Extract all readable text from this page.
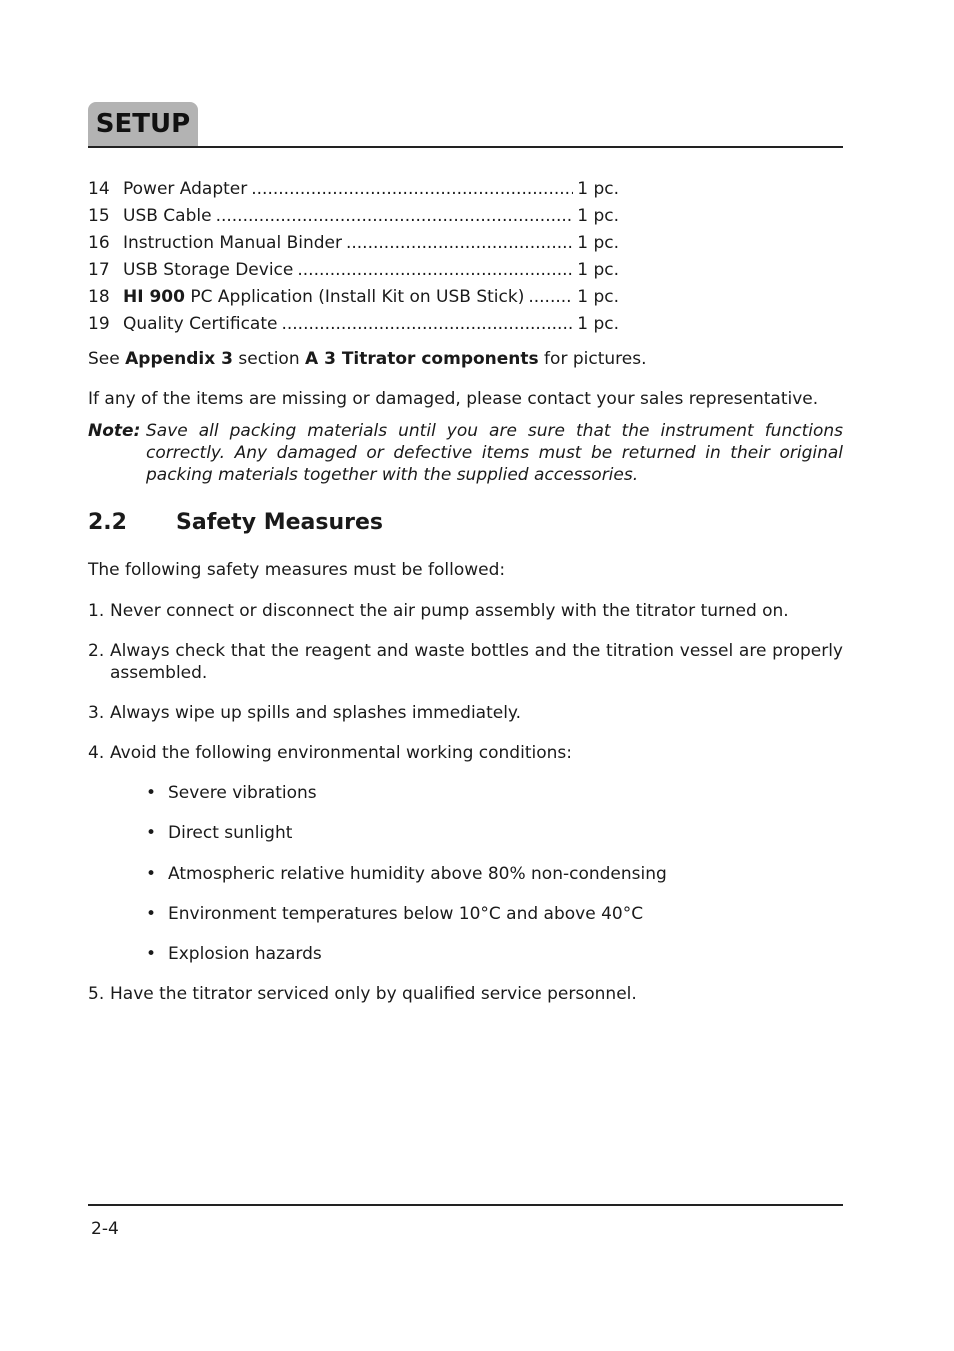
SETUP
14 Power Adapter .....	1 pc.
15 USB Cable .....	1 pc.
16 Instruction Manual Binder .....	1 pc.
17 USB Storage Device .....	1 pc.
18 HI 900 PC Application (Install Kit on USB Stick) .....	1 pc.
19 Quality Certificate .....	1 pc.
See Appendix 3 section A 3 Titrator components for pictures.
If any of the items are missing or damaged, please contact your sales representative.
Note: Save all packing materials until you are sure that the instrument functions correctly. Any damaged or defective items must be returned in their original packing materials together with the supplied accessories.
2.2 Safety Measures
The following safety measures must be followed:
1. Never connect or disconnect the air pump assembly with the titrator turned on.
2. Always check that the reagent and waste bottles and the titration vessel are properly assembled.
3. Always wipe up spills and splashes immediately.
4. Avoid the following environmental working conditions:
• Severe vibrations
• Direct sunlight
• Atmospheric relative humidity above 80% non-condensing
• Environment temperatures below 10°C and above 40°C
• Explosion hazards
5. Have the titrator serviced only by qualified service personnel.
2-4
